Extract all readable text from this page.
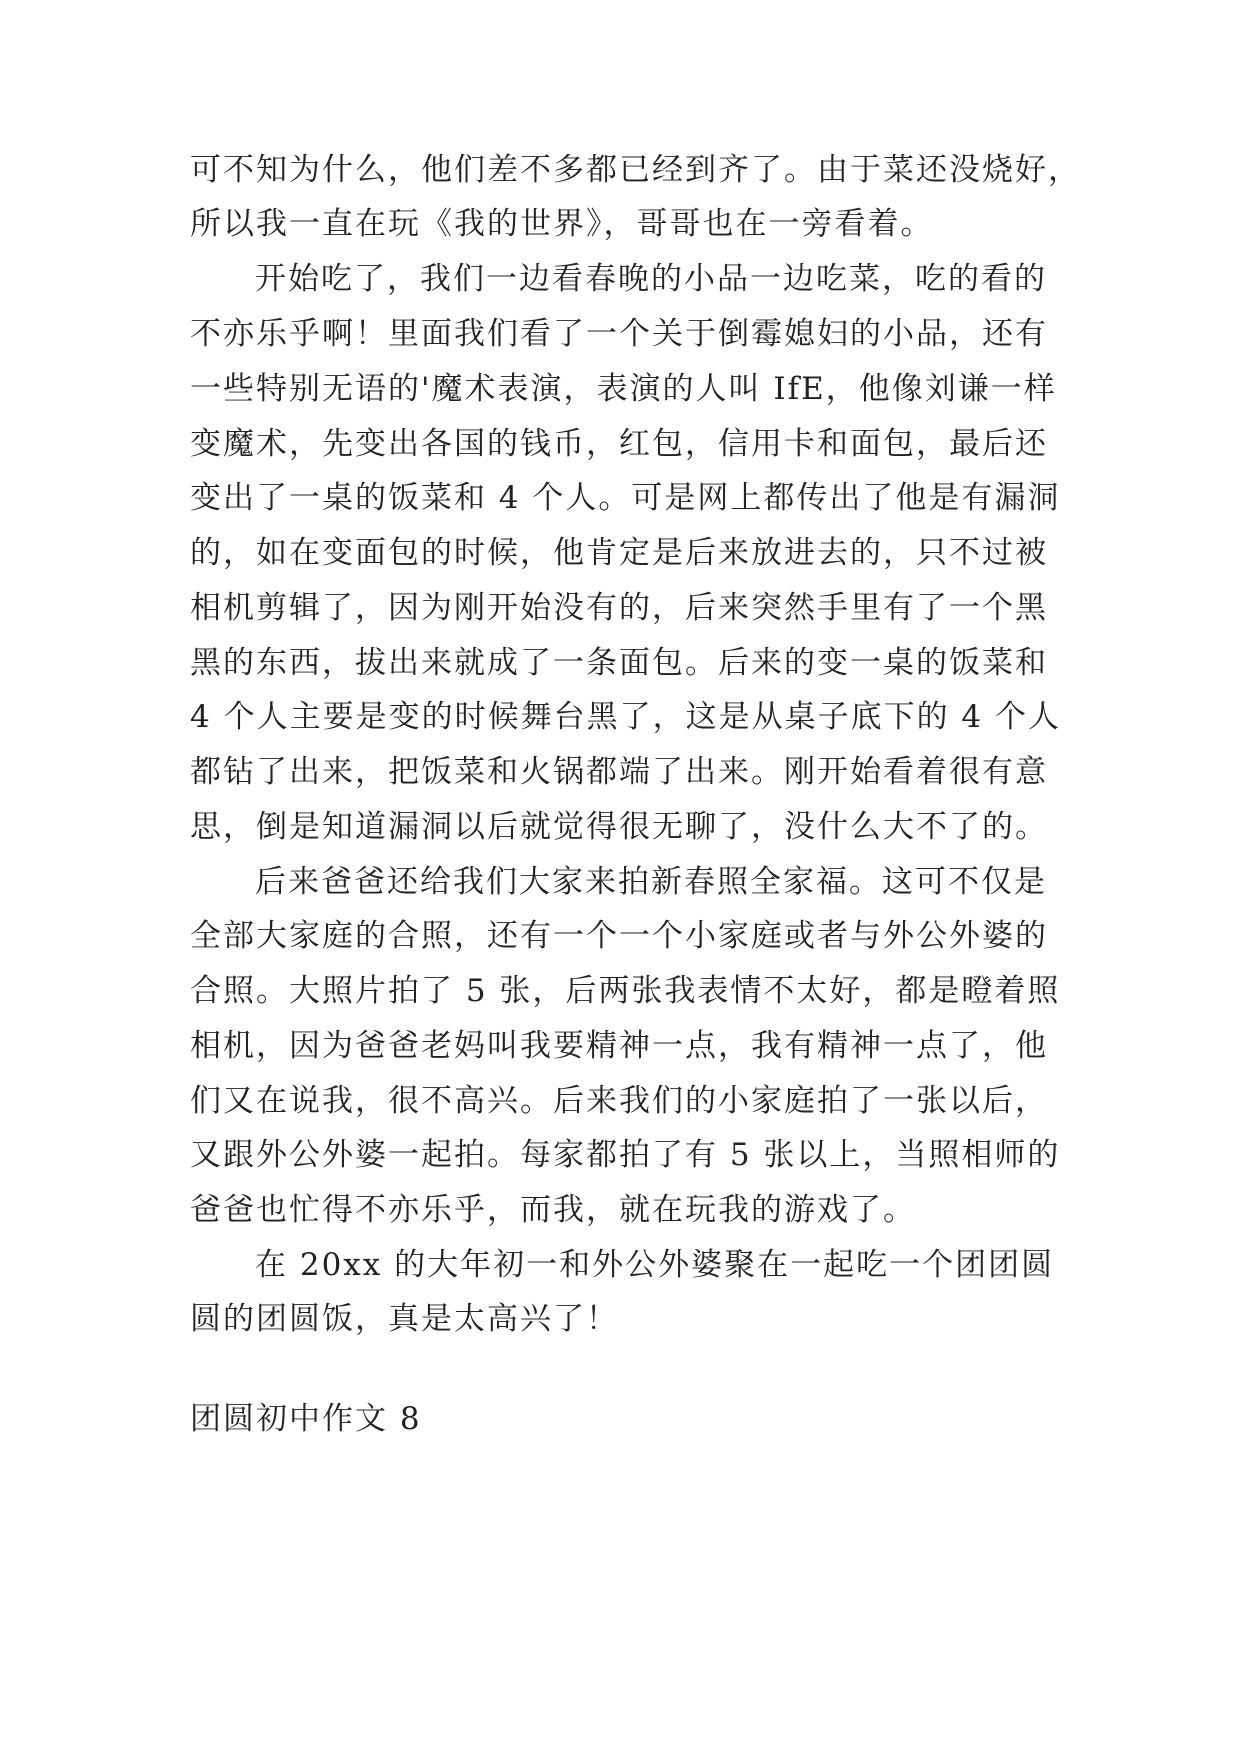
可不知为什么，他们差不多都已经到齐了。由于菜还没烧好，
所以我一直在玩《我的世界》，哥哥也在一旁看着。
开始吃了，我们一边看春晚的小品一边吃菜，吃的看的
不亦乐乎啊！里面我们看了一个关于倒霉媳妇的小品，还有
一些特别无语的'魔术表演，表演的人叫 IfE，他像刘谦一样
变魔术，先变出各国的钱币，红包，信用卡和面包，最后还
变出了一桌的饭菜和 4 个人。可是网上都传出了他是有漏洞
的，如在变面包的时候，他肯定是后来放进去的，只不过被
相机剪辑了，因为刚开始没有的，后来突然手里有了一个黑
黑的东西，拔出来就成了一条面包。后来的变一桌的饭菜和
4 个人主要是变的时候舞台黑了，这是从桌子底下的 4 个人
都钻了出来，把饭菜和火锅都端了出来。刚开始看着很有意
思，倒是知道漏洞以后就觉得很无聊了，没什么大不了的。
后来爸爸还给我们大家来拍新春照全家福。这可不仅是
全部大家庭的合照，还有一个一个小家庭或者与外公外婆的
合照。大照片拍了 5 张，后两张我表情不太好，都是瞪着照
相机，因为爸爸老妈叫我要精神一点，我有精神一点了，他
们又在说我，很不高兴。后来我们的小家庭拍了一张以后，
又跟外公外婆一起拍。每家都拍了有 5 张以上，当照相师的
爸爸也忙得不亦乐乎，而我，就在玩我的游戏了。
在 20xx 的大年初一和外公外婆聚在一起吃一个团团圆
圆的团圆饭，真是太高兴了！
团圆初中作文 8
